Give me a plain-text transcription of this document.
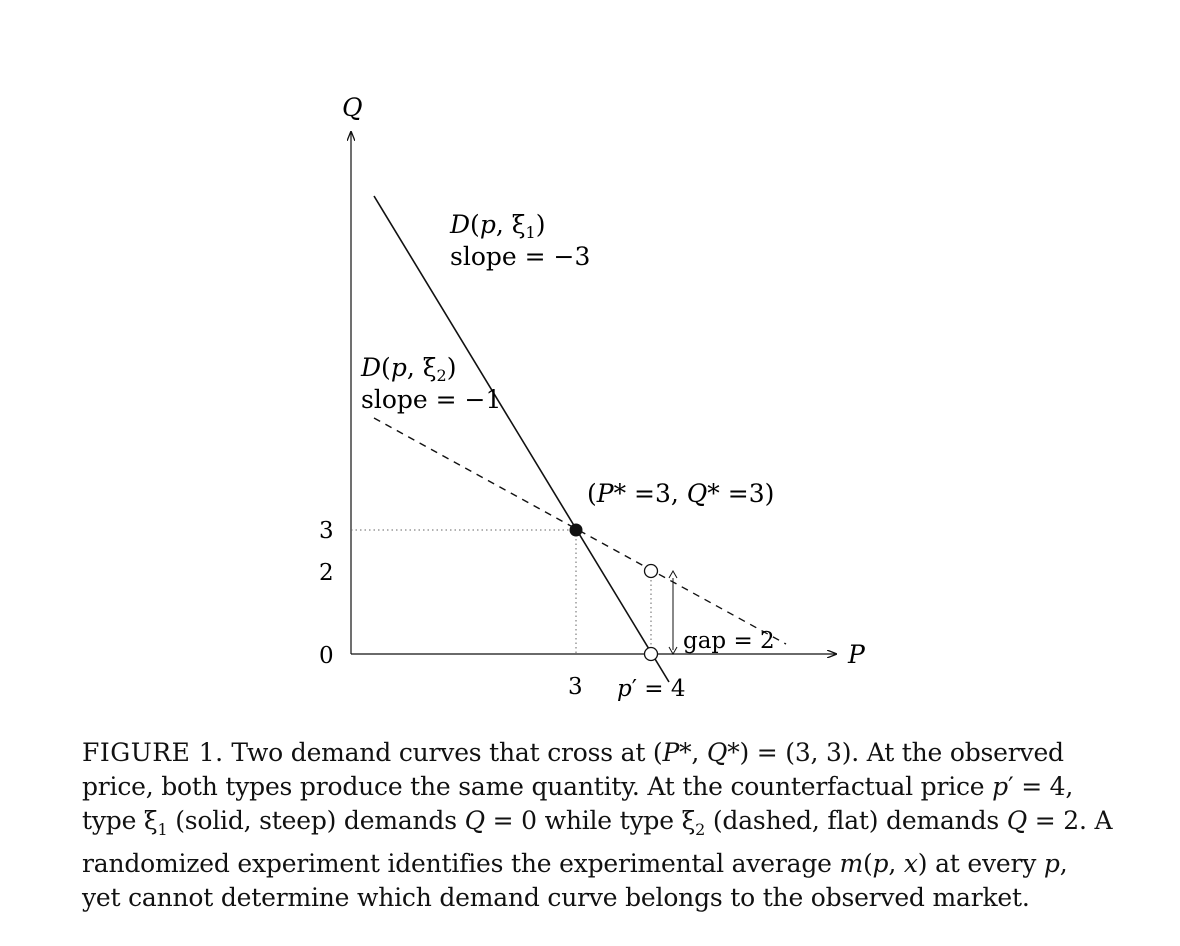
P
Q
3
2
0
3 p′ = 4
D(p, $\xi_1$)
slope = −3
D(p, $\xi_2$)
slope = −1
(P* =3, Q* =3)
gap = 2
FIGURE 1. Two demand curves that cross at (P*, Q*) = (3, 3). At the observed
price, both types produce the same quantity. At the counterfactual price p′ = 4,
type $\xi_1$ (solid, steep) demands Q = 0 while type $\xi_2$ (dashed, flat) demands Q = 2. A
randomized experiment identifies the experimental average m(p, x) at every p,
yet cannot determine which demand curve belongs to the observed market.
